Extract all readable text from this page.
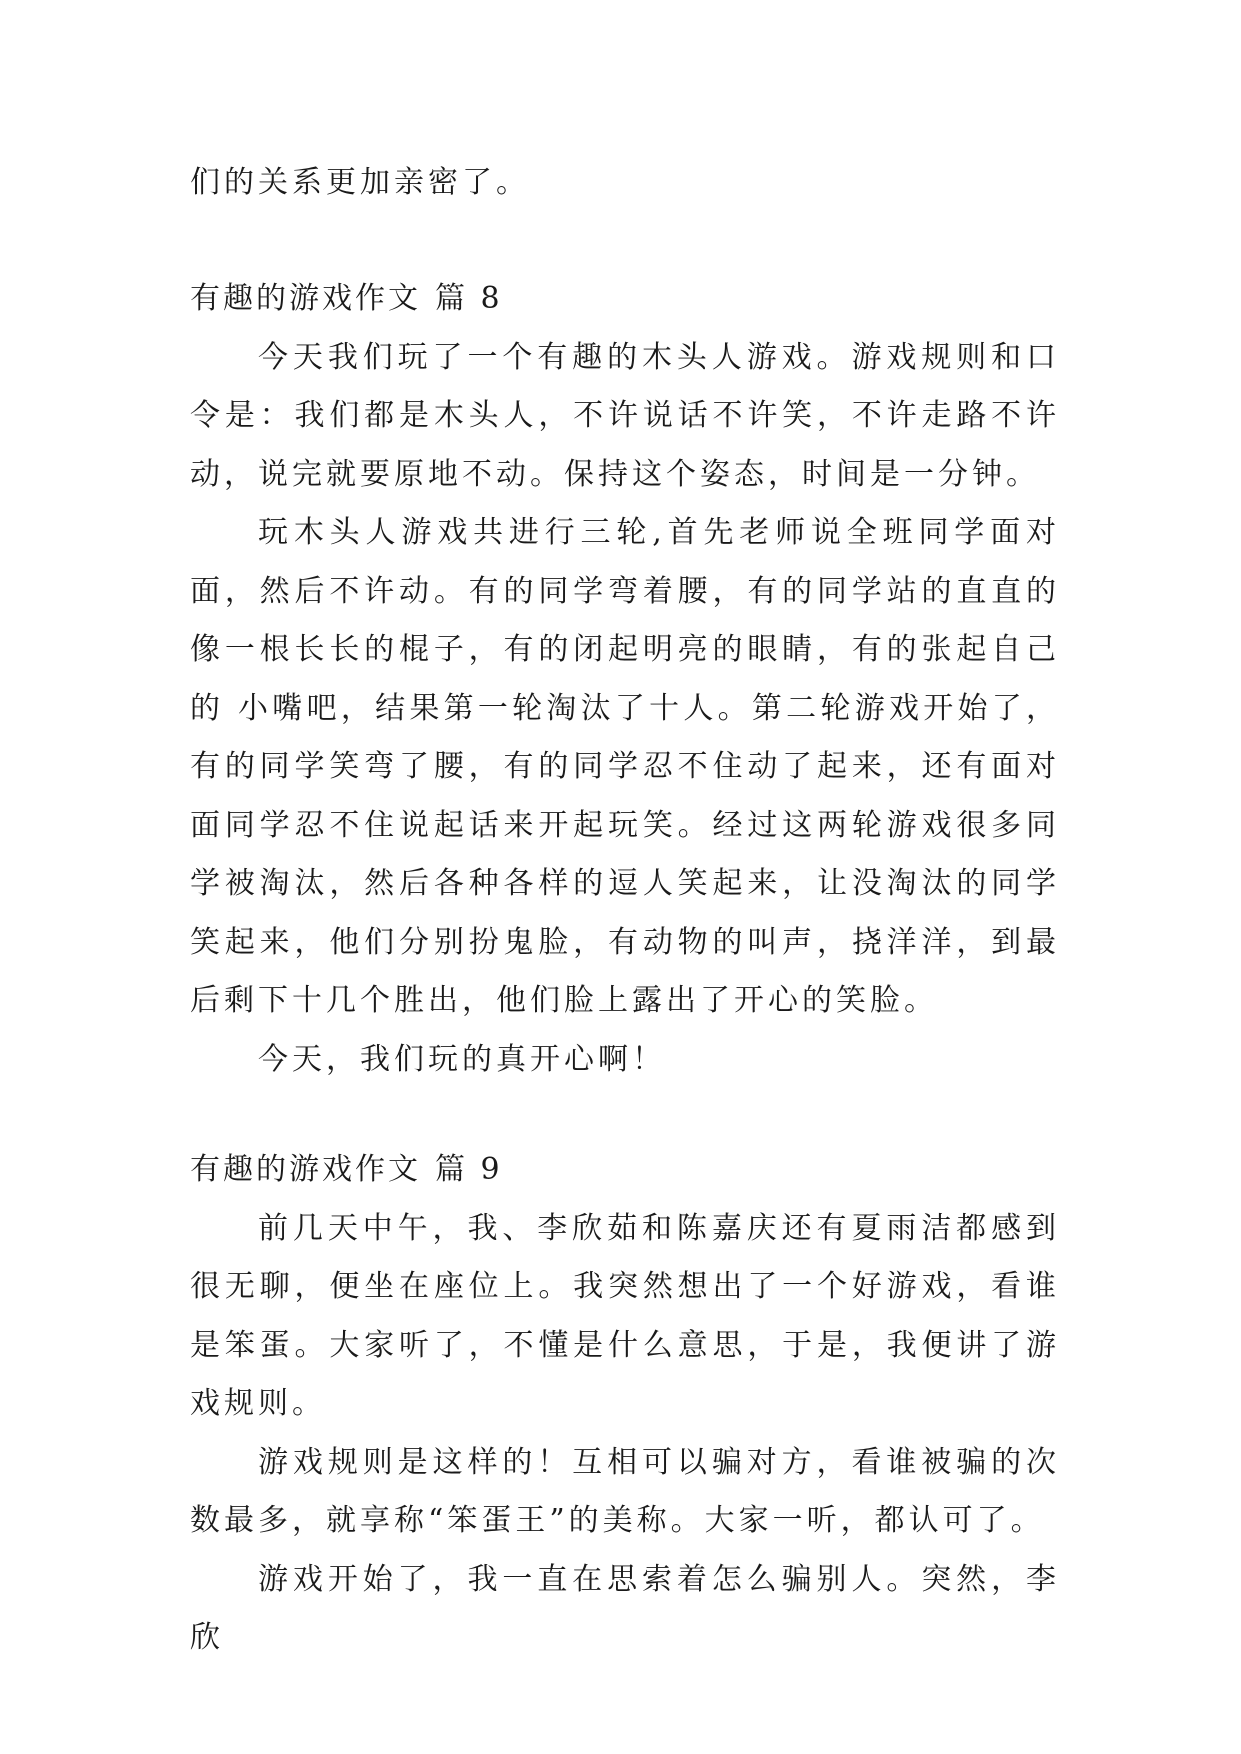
们的关系更加亲密了。

有趣的游戏作文 篇 8

今天我们玩了一个有趣的木头人游戏。游戏规则和口令是：我们都是木头人，不许说话不许笑，不许走路不许动，说完就要原地不动。保持这个姿态，时间是一分钟。

玩木头人游戏共进行三轮,首先老师说全班同学面对面，然后不许动。有的同学弯着腰，有的同学站的直直的像一根长长的棍子，有的闭起明亮的眼睛，有的张起自己的 小嘴吧，结果第一轮淘汰了十人。第二轮游戏开始了，有的同学笑弯了腰，有的同学忍不住动了起来，还有面对面同学忍不住说起话来开起玩笑。经过这两轮游戏很多同学被淘汰，然后各种各样的逗人笑起来，让没淘汰的同学笑起来，他们分别扮鬼脸，有动物的叫声，挠洋洋，到最后剩下十几个胜出，他们脸上露出了开心的笑脸。

今天，我们玩的真开心啊！

有趣的游戏作文 篇 9

前几天中午，我、李欣茹和陈嘉庆还有夏雨洁都感到很无聊，便坐在座位上。我突然想出了一个好游戏，看谁是笨蛋。大家听了，不懂是什么意思，于是，我便讲了游戏规则。

游戏规则是这样的！互相可以骗对方，看谁被骗的次数最多，就享称“笨蛋王”的美称。大家一听，都认可了。

游戏开始了，我一直在思索着怎么骗别人。突然，李欣
